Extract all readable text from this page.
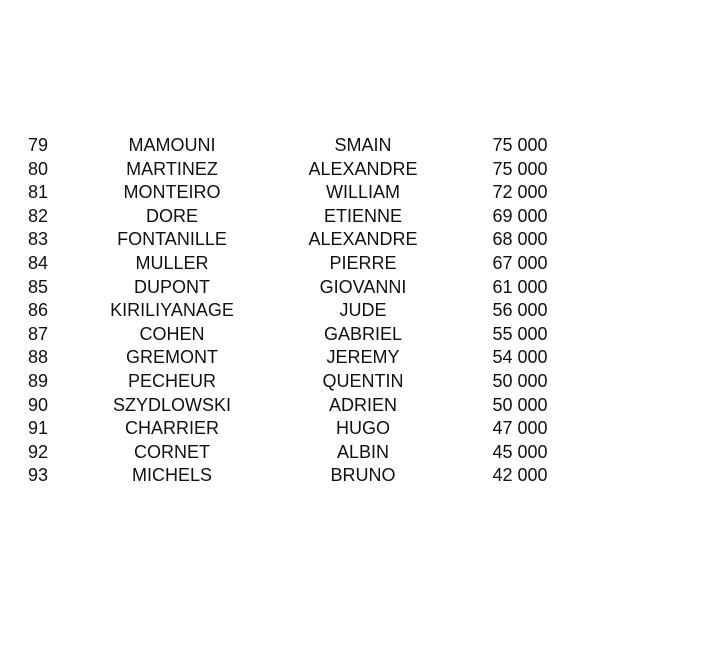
79	MAMOUNI	SMAIN	75 000
80	MARTINEZ	ALEXANDRE	75 000
81	MONTEIRO	WILLIAM	72 000
82	DORE	ETIENNE	69 000
83	FONTANILLE	ALEXANDRE	68 000
84	MULLER	PIERRE	67 000
85	DUPONT	GIOVANNI	61 000
86	KIRILIYANAGE	JUDE	56 000
87	COHEN	GABRIEL	55 000
88	GREMONT	JEREMY	54 000
89	PECHEUR	QUENTIN	50 000
90	SZYDLOWSKI	ADRIEN	50 000
91	CHARRIER	HUGO	47 000
92	CORNET	ALBIN	45 000
93	MICHELS	BRUNO	42 000
